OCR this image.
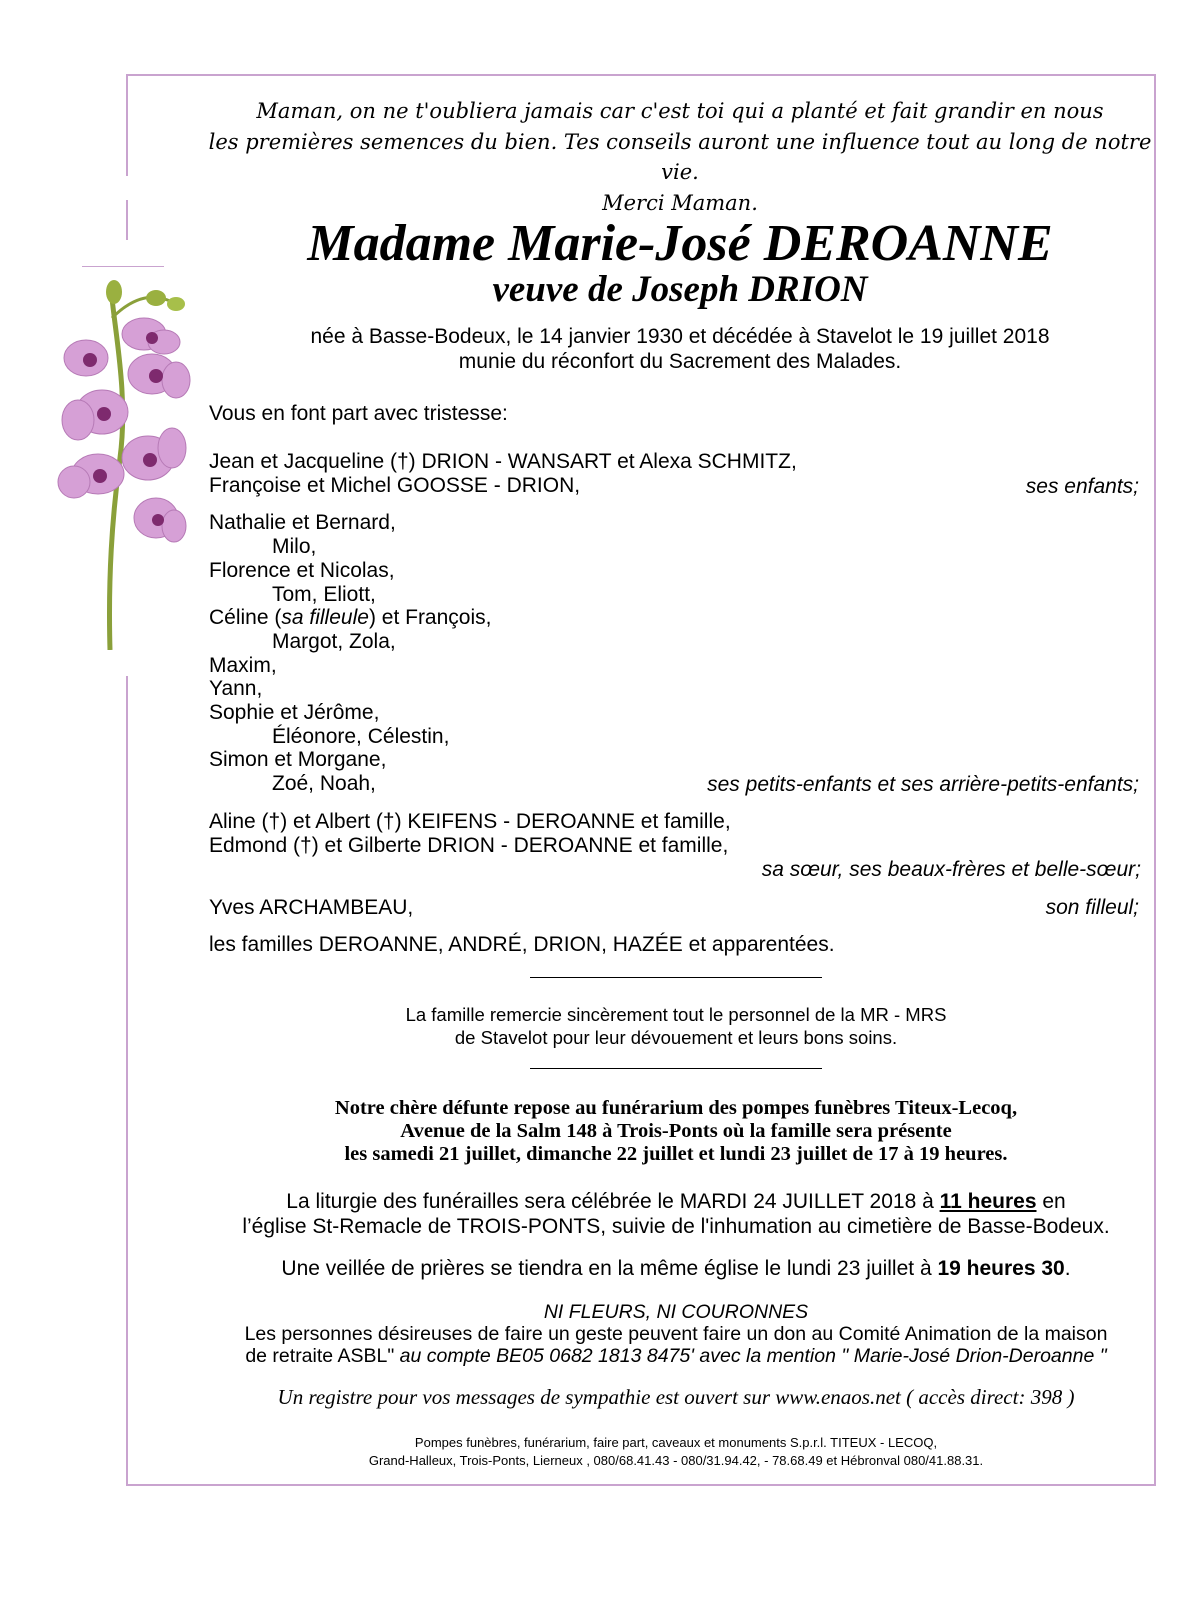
Maman, on ne t'oubliera jamais car c'est toi qui a planté et fait grandir en nous
les premières semences du bien. Tes conseils auront une influence tout au long de notre vie.
Merci Maman.
Madame Marie-José DEROANNE
veuve de Joseph DRION
née à Basse-Bodeux, le 14 janvier 1930 et décédée à Stavelot le 19 juillet 2018
munie du réconfort du Sacrement des Malades.
Vous en font part avec tristesse:
Jean et Jacqueline (†) DRION - WANSART et Alexa SCHMITZ,
Françoise et Michel GOOSSE - DRION,	ses enfants;
Nathalie et Bernard,
Milo,
Florence et Nicolas,
Tom, Eliott,
Céline (sa filleule) et François,
Margot, Zola,
Maxim,
Yann,
Sophie et Jérôme,
Éléonore, Célestin,
Simon et Morgane,
Zoé, Noah,	ses petits-enfants et ses arrière-petits-enfants;
Aline (†) et Albert (†) KEIFENS - DEROANNE et famille,
Edmond (†) et Gilberte DRION - DEROANNE et famille,
sa sœur, ses beaux-frères et belle-sœur;
Yves ARCHAMBEAU,	son filleul;
les familles DEROANNE, ANDRÉ, DRION, HAZÉE et apparentées.
La famille remercie sincèrement tout le personnel de la MR - MRS
de Stavelot pour leur dévouement et leurs bons soins.
Notre chère défunte repose au funérarium des pompes funèbres Titeux-Lecoq,
Avenue de la Salm 148 à Trois-Ponts où la famille sera présente
les samedi 21 juillet, dimanche 22 juillet et lundi 23 juillet de 17 à 19 heures.
La liturgie des funérailles sera célébrée le MARDI 24 JUILLET 2018 à 11 heures en
l’église St-Remacle de TROIS-PONTS, suivie de l'inhumation au cimetière de Basse-Bodeux.
Une veillée de prières se tiendra en la même église le lundi 23 juillet à 19 heures 30.
NI FLEURS, NI COURONNES
Les personnes désireuses de faire un geste peuvent faire un don au Comité Animation de la maison
de retraite ASBL" au compte BE05 0682 1813 8475' avec la mention " Marie-José Drion-Deroanne "
Un registre pour vos messages de sympathie est ouvert sur www.enaos.net ( accès direct: 398 )
Pompes funèbres, funérarium, faire part, caveaux et monuments S.p.r.l. TITEUX - LECOQ,
Grand-Halleux, Trois-Ponts, Lierneux , 080/68.41.43 - 080/31.94.42, - 78.68.49 et Hébronval 080/41.88.31.
